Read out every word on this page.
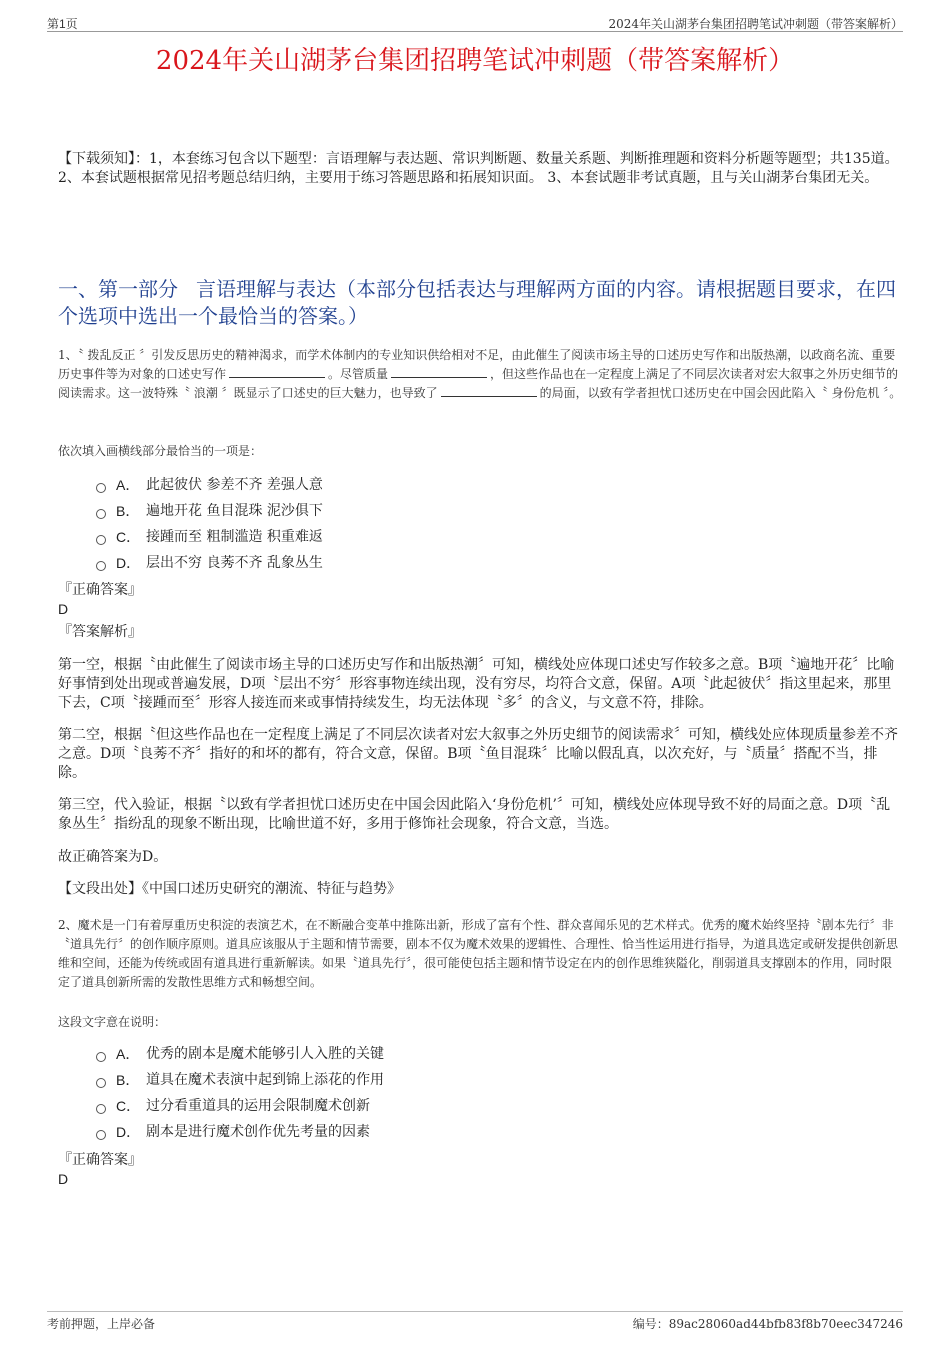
第1页	2024年关山湖茅台集团招聘笔试冲刺题（带答案解析）
2024年关山湖茅台集团招聘笔试冲刺题（带答案解析）
【下载须知】：1，本套练习包含以下题型：言语理解与表达题、常识判断题、数量关系题、判断推理题和资料分析题等题型；共135道。 2、本套试题根据常见招考题总结归纳，主要用于练习答题思路和拓展知识面。 3、本套试题非考试真题，且与关山湖茅台集团无关。
一、第一部分 言语理解与表达（本部分包括表达与理解两方面的内容。请根据题目要求，在四个选项中选出一个最恰当的答案。）
1、〝 拨乱反正 〞引发反思历史的精神渴求，而学术体制内的专业知识供给相对不足，由此催生了阅读市场主导的口述历史写作和出版热潮，以政商名流、重要历史事件等为对象的口述史写作	。尽管质量	，但这些作品也在一定程度上满足了不同层次读者对宏大叙事之外历史细节的阅读需求。这一波特殊〝 浪潮 〞既显示了口述史的巨大魅力，也导致了	的局面，以致有学者担忧口述历史在中国会因此陷入〝 身份危机 〞。
依次填入画横线部分最恰当的一项是：
A． 此起彼伏 参差不齐 差强人意
B． 遍地开花 鱼目混珠 泥沙俱下
C． 接踵而至 粗制滥造 积重难返
D． 层出不穷 良莠不齐 乱象丛生
『正确答案』
D
『答案解析』
第一空，根据〝由此催生了阅读市场主导的口述历史写作和出版热潮〞可知，横线处应体现口述史写作较多之意。B项〝遍地开花〞比喻好事情到处出现或普遍发展，D项〝层出不穷〞形容事物连续出现，没有穷尽，均符合文意，保留。A项〝此起彼伏〞指这里起来，那里下去，C项〝接踵而至〞形容人接连而来或事情持续发生，均无法体现〝多〞的含义，与文意不符，排除。
第二空，根据〝但这些作品也在一定程度上满足了不同层次读者对宏大叙事之外历史细节的阅读需求〞可知，横线处应体现质量参差不齐之意。D项〝良莠不齐〞指好的和坏的都有，符合文意，保留。B项〝鱼目混珠〞比喻以假乱真，以次充好，与〝质量〞搭配不当，排除。
第三空，代入验证，根据〝以致有学者担忧口述历史在中国会因此陷入‘身份危机’〞可知，横线处应体现导致不好的局面之意。D项〝乱象丛生〞指纷乱的现象不断出现，比喻世道不好，多用于修饰社会现象，符合文意，当选。
故正确答案为D。
【文段出处】《中国口述历史研究的潮流、特征与趋势》
2、魔术是一门有着厚重历史积淀的表演艺术，在不断融合变革中推陈出新，形成了富有个性、群众喜闻乐见的艺术样式。优秀的魔术始终坚持〝剧本先行〞非〝道具先行〞的创作顺序原则。道具应该服从于主题和情节需要，剧本不仅为魔术效果的逻辑性、合理性、恰当性运用进行指导，为道具选定或研发提供创新思维和空间，还能为传统或固有道具进行重新解读。如果〝道具先行〞，很可能使包括主题和情节设定在内的创作思维狭隘化，削弱道具支撑剧本的作用，同时限定了道具创新所需的发散性思维方式和畅想空间。
这段文字意在说明：
A． 优秀的剧本是魔术能够引人入胜的关键
B． 道具在魔术表演中起到锦上添花的作用
C． 过分看重道具的运用会限制魔术创新
D． 剧本是进行魔术创作优先考量的因素
『正确答案』
D
考前押题，上岸必备	编号：89ac28060ad44bfb83f8b70eec347246
